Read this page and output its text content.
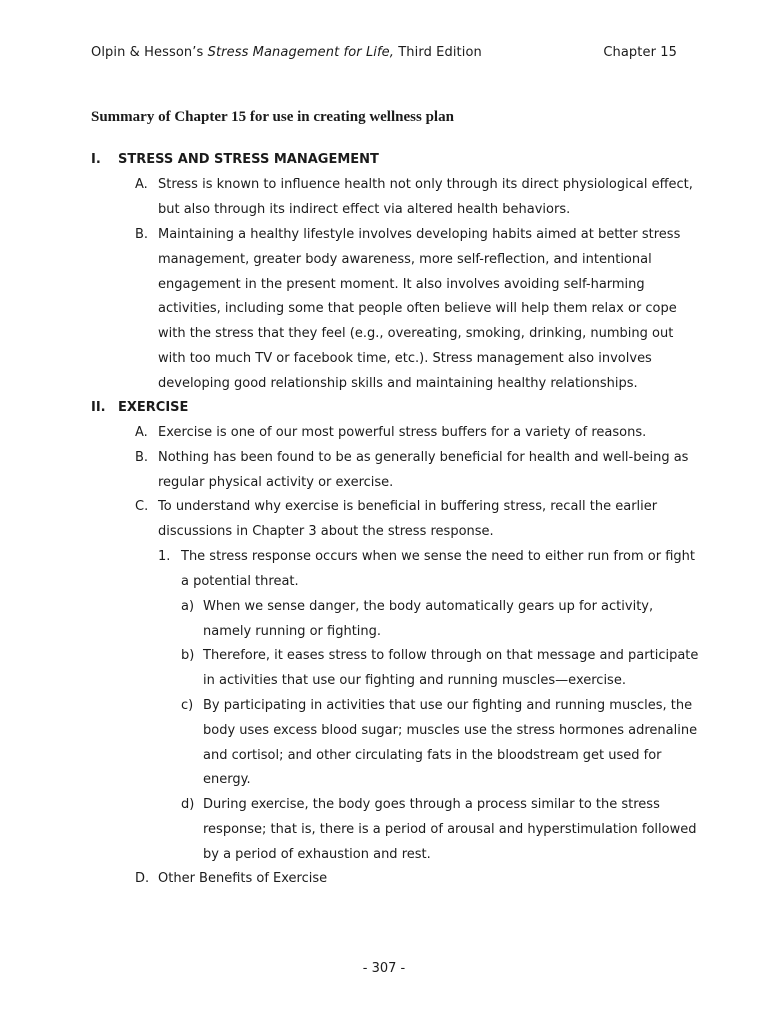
Olpin & Hesson’s Stress Management for Life, Third Edition	Chapter 15
Summary of Chapter 15 for use in creating wellness plan
I. STRESS AND STRESS MANAGEMENT
A. Stress is known to influence health not only through its direct physiological effect,
but also through its indirect effect via altered health behaviors.
B. Maintaining a healthy lifestyle involves developing habits aimed at better stress
management, greater body awareness, more self-reflection, and intentional
engagement in the present moment. It also involves avoiding self-harming
activities, including some that people often believe will help them relax or cope
with the stress that they feel (e.g., overeating, smoking, drinking, numbing out
with too much TV or facebook time, etc.). Stress management also involves
developing good relationship skills and maintaining healthy relationships.
II. EXERCISE
A. Exercise is one of our most powerful stress buffers for a variety of reasons.
B. Nothing has been found to be as generally beneficial for health and well-being as
regular physical activity or exercise.
C. To understand why exercise is beneficial in buffering stress, recall the earlier
discussions in Chapter 3 about the stress response.
1. The stress response occurs when we sense the need to either run from or fight
a potential threat.
a) When we sense danger, the body automatically gears up for activity,
namely running or fighting.
b) Therefore, it eases stress to follow through on that message and participate
in activities that use our fighting and running muscles—exercise.
c) By participating in activities that use our fighting and running muscles, the
body uses excess blood sugar; muscles use the stress hormones adrenaline
and cortisol; and other circulating fats in the bloodstream get used for
energy.
d) During exercise, the body goes through a process similar to the stress
response; that is, there is a period of arousal and hyperstimulation followed
by a period of exhaustion and rest.
D. Other Benefits of Exercise
- 307 -
